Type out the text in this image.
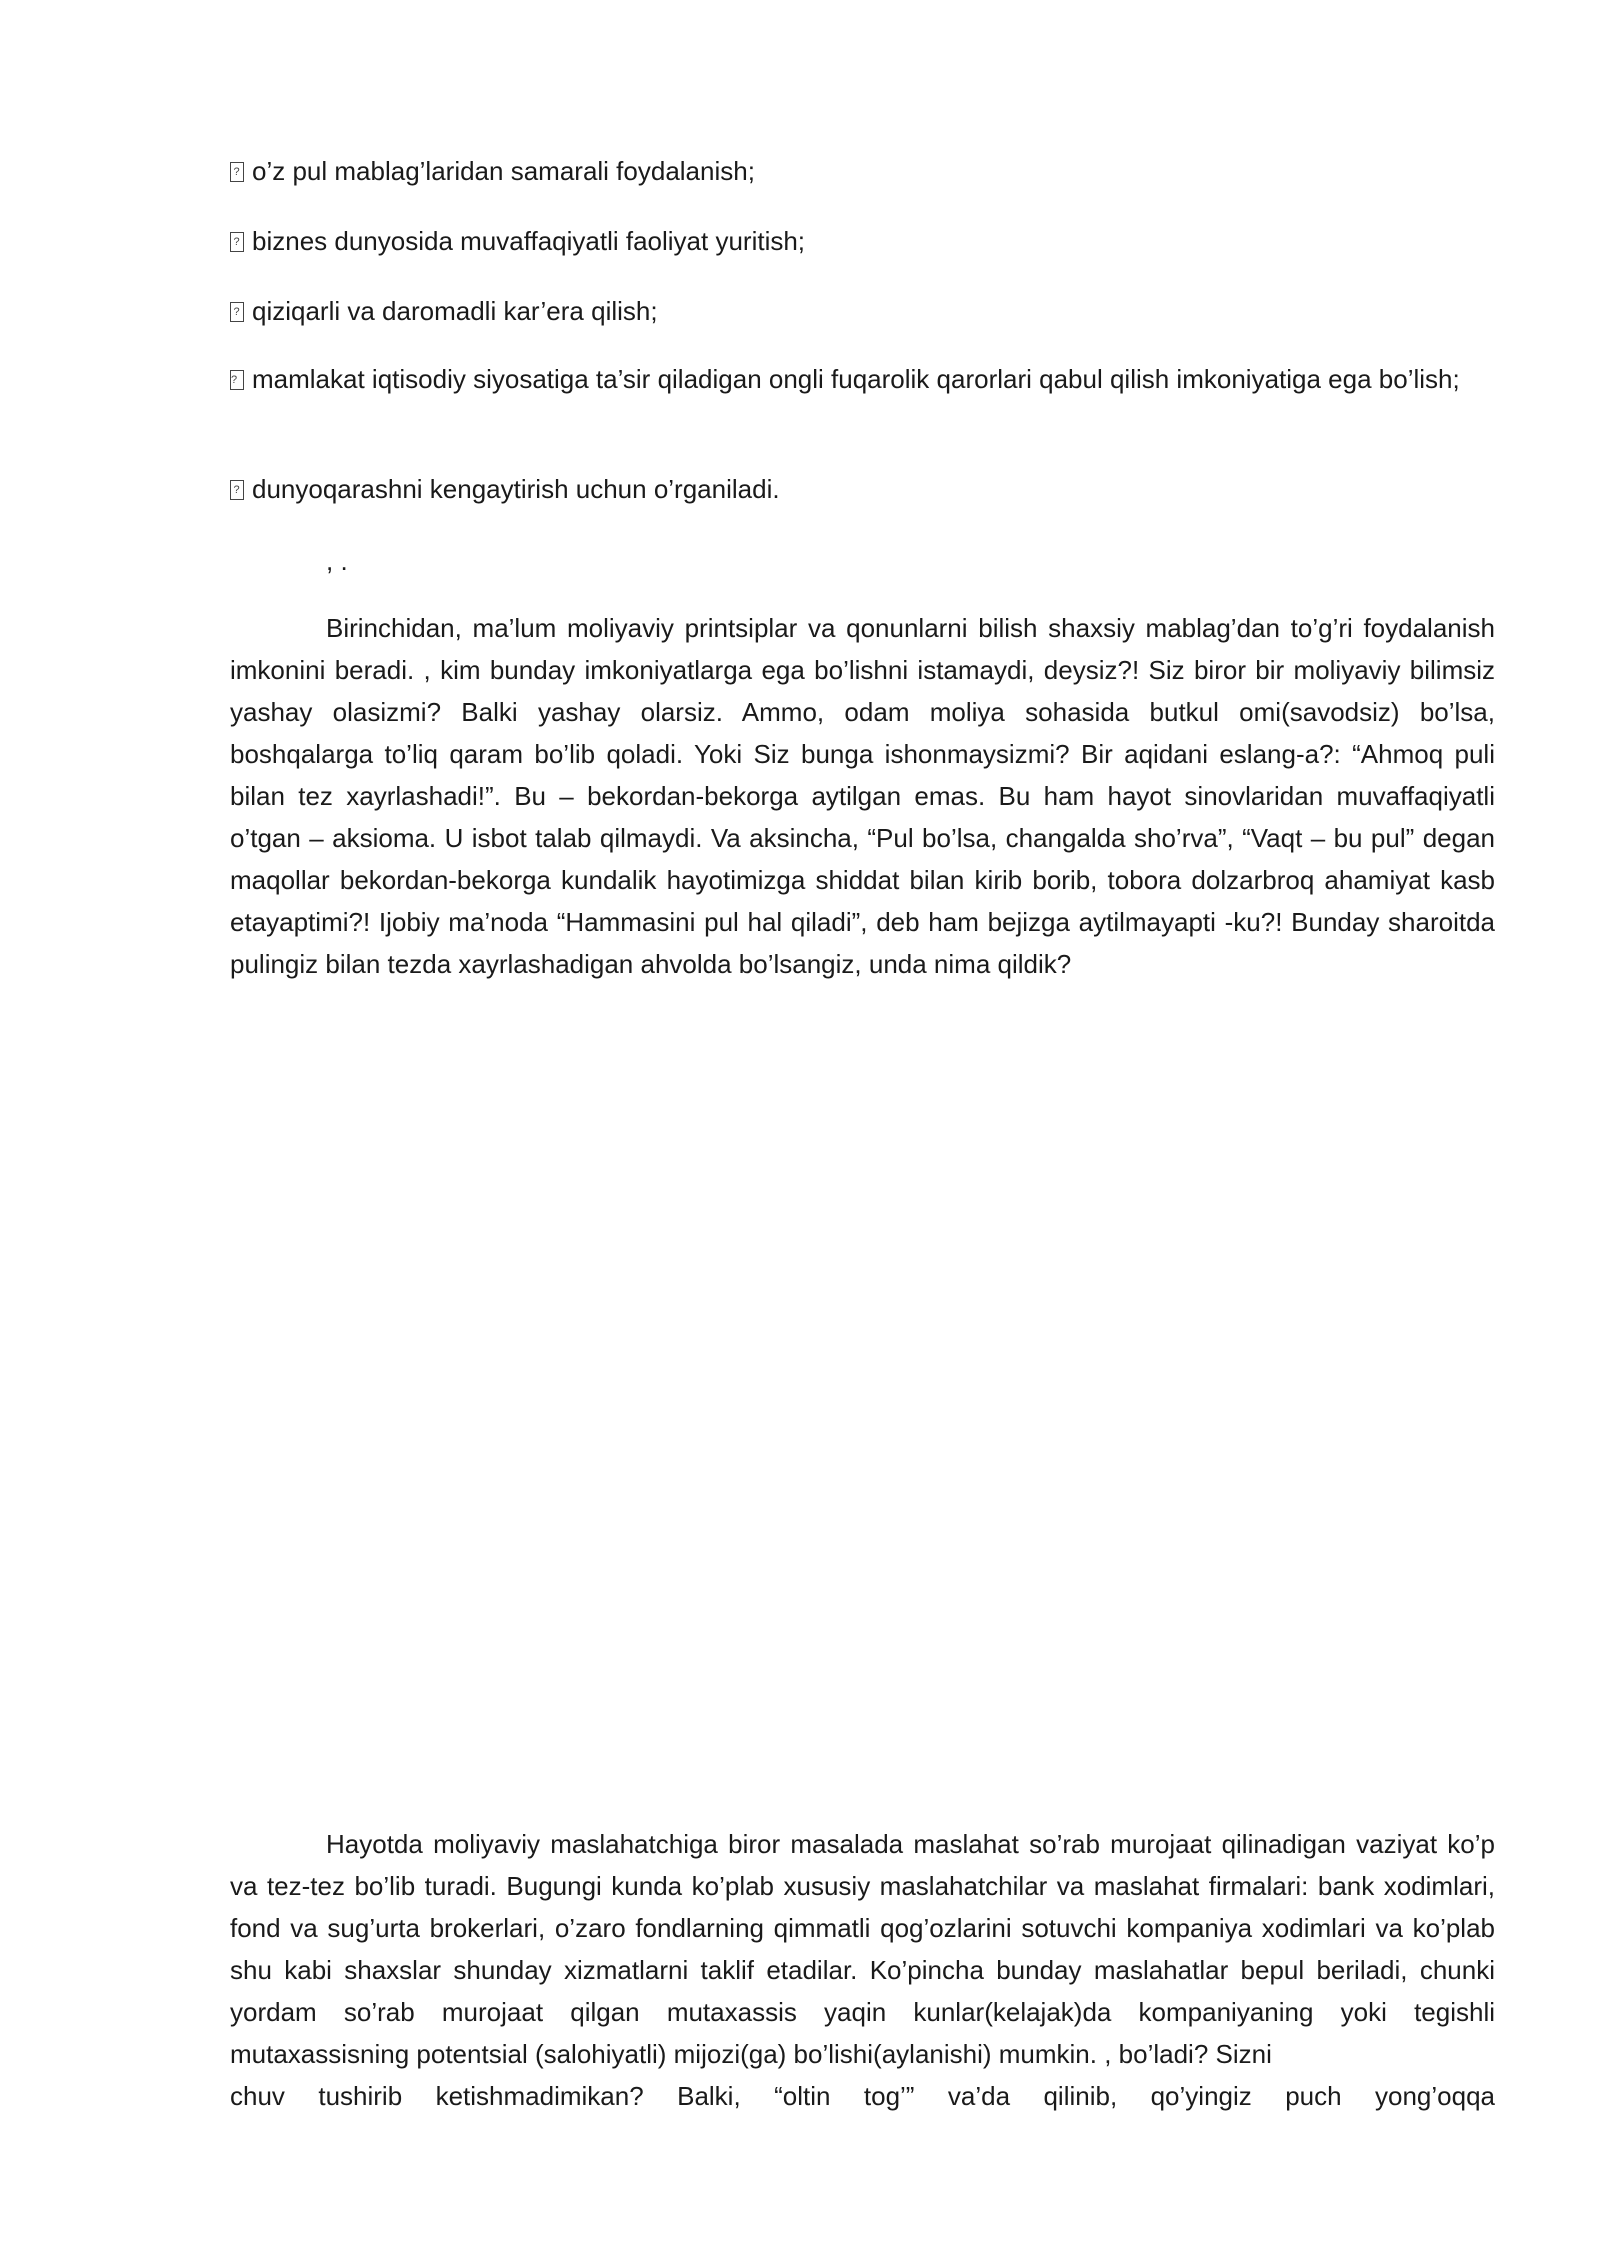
?o’z pul mablag’laridan samarali foydalanish;
?biznes dunyosida muvaffaqiyatli faoliyat yuritish;
?qiziqarli va daromadli kar’era qilish;
?mamlakat iqtisodiy siyosatiga ta’sir qiladigan ongli fuqarolik qarorlari qabul qilish imkoniyatiga ega bo’lish;
?dunyoqarashni kengaytirish uchun o’rganiladi.
, .

Birinchidan, ma’lum moliyaviy printsiplar va qonunlarni bilish shaxsiy mablag’dan to’g’ri foydalanish imkonini beradi. , kim bunday imkoniyatlarga ega bo’lishni istamaydi, deysiz?! Siz biror bir moliyaviy bilimsiz yashay olasizmi? Balki yashay olarsiz. Ammo, odam moliya sohasida butkul omi(savodsiz) bo’lsa, boshqalarga to’liq qaram bo’lib qoladi. Yoki Siz bunga ishonmaysizmi? Bir aqidani eslang-a?: “Ahmoq puli bilan tez xayrlashadi!”. Bu – bekordan-bekorga aytilgan emas. Bu ham hayot sinovlaridan muvaffaqiyatli o’tgan – aksioma. U isbot talab qilmaydi. Va aksincha, “Pul bo’lsa, changalda sho’rva”, “Vaqt – bu pul” degan maqollar bekordan-bekorga kundalik hayotimizga shiddat bilan kirib borib, tobora dolzarbroq ahamiyat kasb etayaptimi?! Ijobiy ma’noda “Hammasini pul hal qiladi”, deb ham bejizga aytilmayapti -ku?! Bunday sharoitda pulingiz bilan tezda xayrlashadigan ahvolda bo’lsangiz, unda nima qildik?

Hayotda moliyaviy maslahatchiga biror masalada maslahat so’rab murojaat qilinadigan vaziyat ko’p va tez-tez bo’lib turadi. Bugungi kunda ko’plab xususiy maslahatchilar va maslahat firmalari: bank xodimlari, fond va sug’urta brokerlari, o’zaro fondlarning qimmatli qog’ozlarini sotuvchi kompaniya xodimlari va ko’plab shu kabi shaxslar shunday xizmatlarni taklif etadilar. Ko’pincha bunday maslahatlar bepul beriladi, chunki yordam so’rab murojaat qilgan mutaxassis yaqin kunlar(kelajak)da kompaniyaning yoki tegishli mutaxassisning potentsial (salohiyatli) mijozi(ga) bo’lishi(aylanishi) mumkin. , bo’ladi? Sizni
chuv tushirib ketishmadimikan? Balki, “oltin tog’” va’da qilinib, qo’yingiz puch yong’oqqa
